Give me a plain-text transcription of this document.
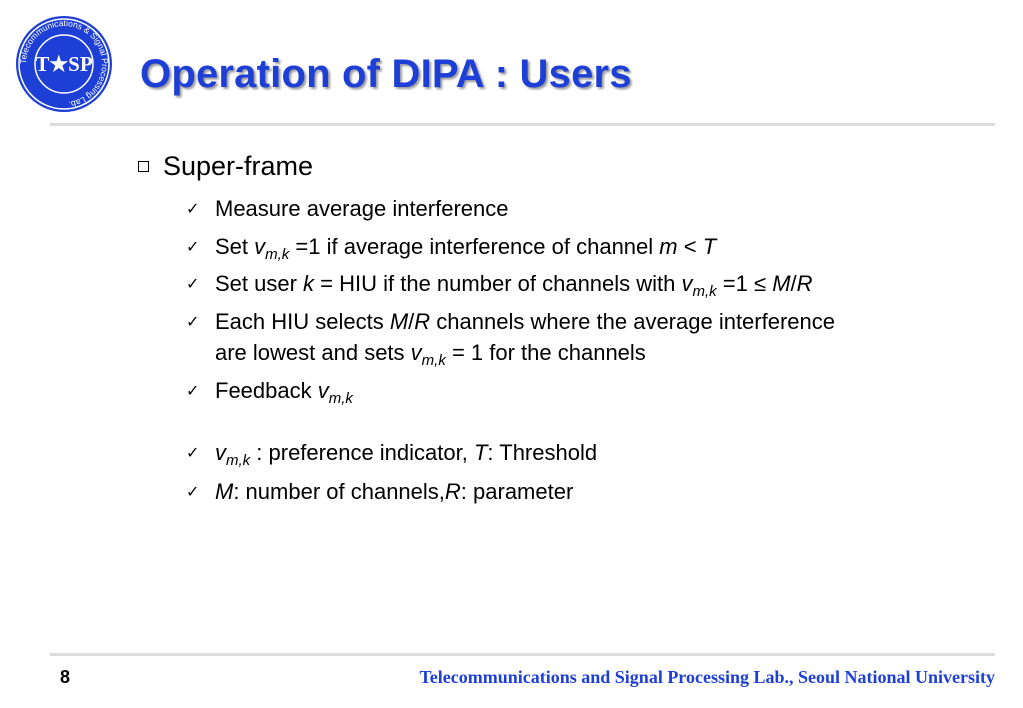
Telecommunications & Signal Processing Lab.
T★SP Operation of DIPA : Users
Super-frame
✓ Measure average interference
✓ Set $v_{m,k} =1$ if average interference of channel m < T
✓ Set user k = HIU if the number of channels with $v_{m,k} =1 \le M/R$
✓ Each HIU selects M/R channels where the average interference
are lowest and sets $v_{m,k} = 1$ for the channels
✓ Feedback $v_{m,k}$
✓ $v_{m,k}$ : preference indicator, T: Threshold
✓ M: number of channels,R: parameter
8	Telecommunications and Signal Processing Lab., Seoul National University
